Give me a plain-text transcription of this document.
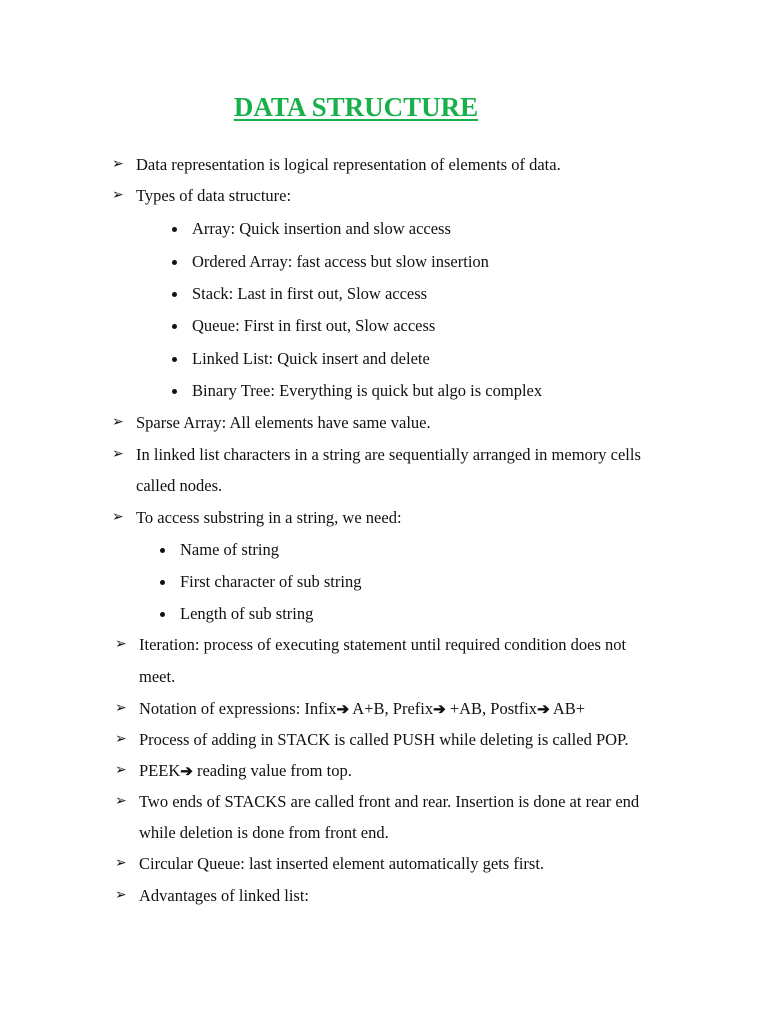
DATA STRUCTURE
➢ Data representation is logical representation of elements of data.
➢ Types of data structure:
Array: Quick insertion and slow access
Ordered Array: fast access but slow insertion
Stack: Last in first out, Slow access
Queue: First in first out, Slow access
Linked List: Quick insert and delete
Binary Tree: Everything is quick but algo is complex
➢ Sparse Array: All elements have same value.
➢ In linked list characters in a string are sequentially arranged in memory cells
called nodes.
➢ To access substring in a string, we need:
Name of string
First character of sub string
Length of sub string
➢ Iteration: process of executing statement until required condition does not
meet.
➢ Notation of expressions: Infix➔ A+B, Prefix➔ +AB, Postfix➔ AB+
➢ Process of adding in STACK is called PUSH while deleting is called POP.
➢ PEEK➔ reading value from top.
➢ Two ends of STACKS are called front and rear. Insertion is done at rear end
while deletion is done from front end.
➢ Circular Queue: last inserted element automatically gets first.
➢ Advantages of linked list:
